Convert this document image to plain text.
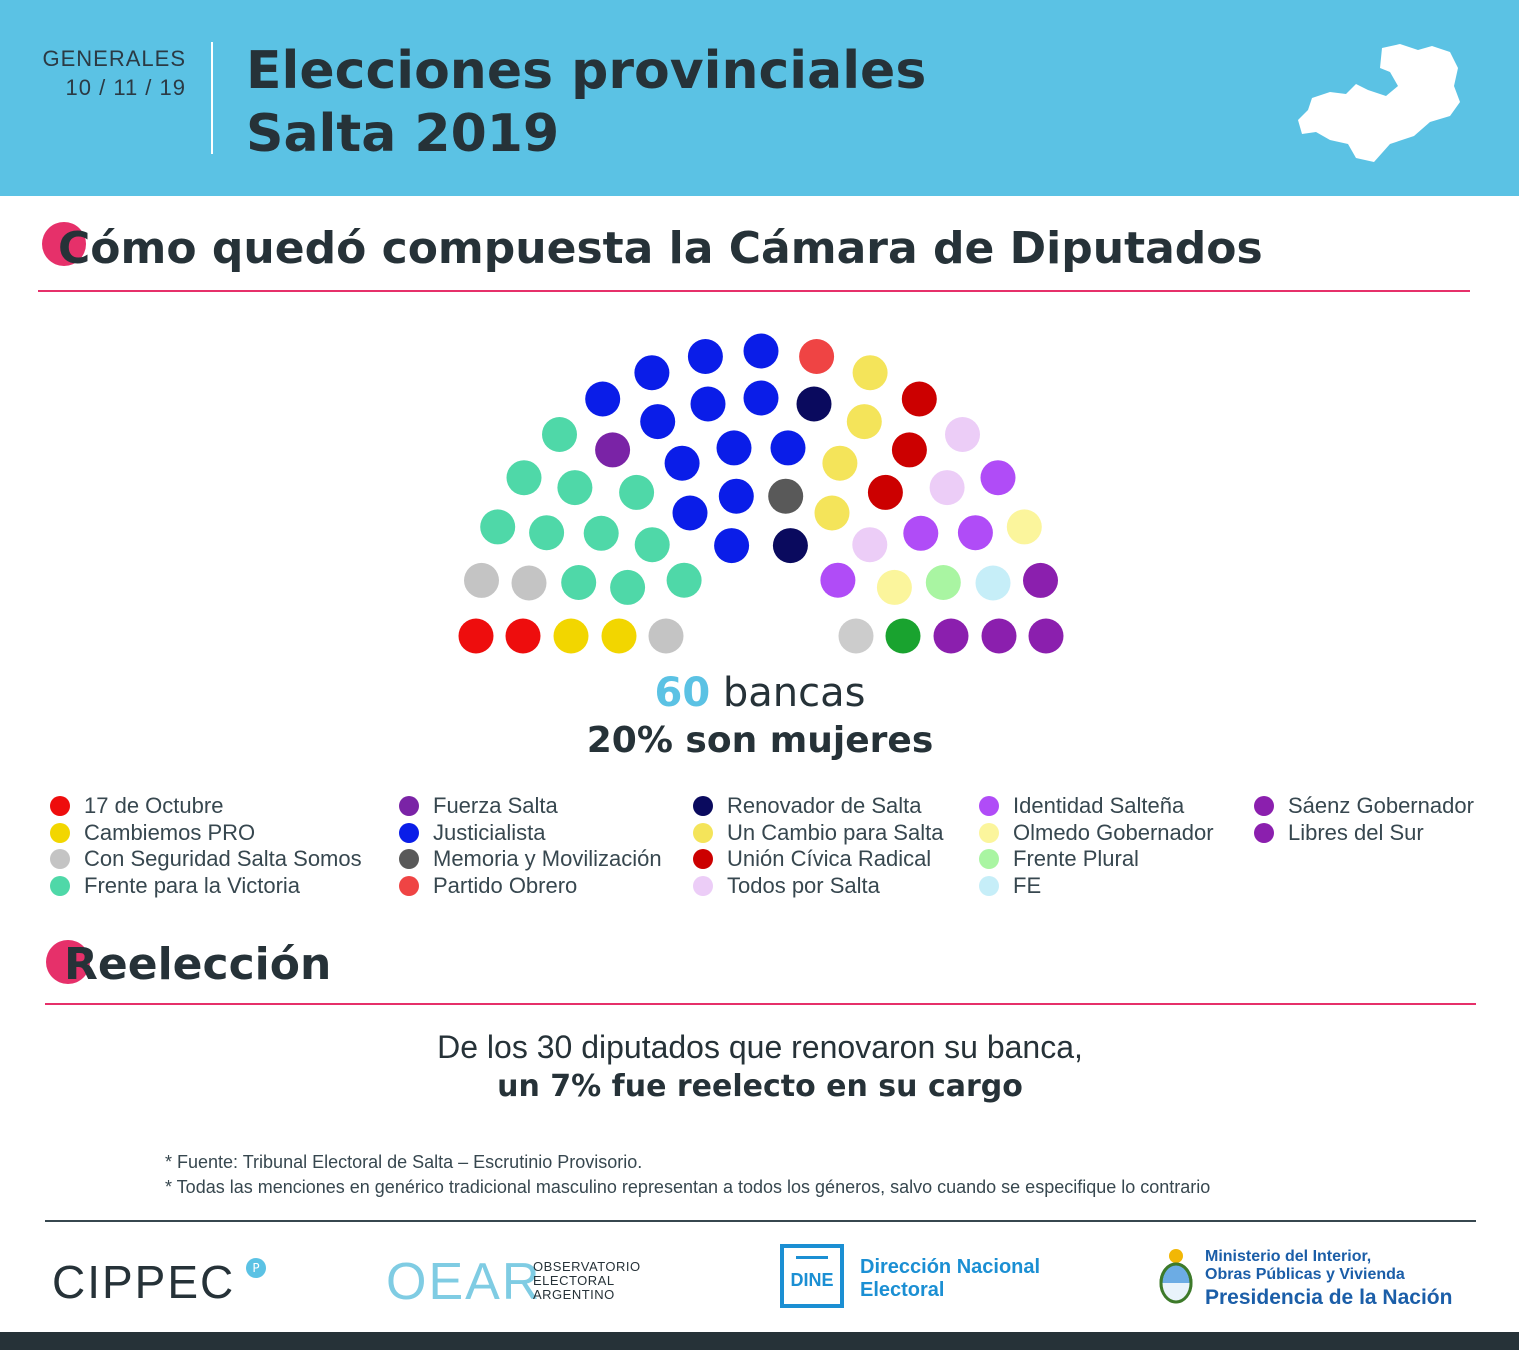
GENERALES
10 / 11 / 19 Elecciones provinciales
Salta 2019
Cómo quedó compuesta la Cámara de Diputados
60 bancas
20% son mujeres
17 de Octubre
Cambiemos PRO
Con Seguridad Salta Somos
Frente para la Victoria
Fuerza Salta
Justicialista
Memoria y Movilización
Partido Obrero
Renovador de Salta
Un Cambio para Salta
Unión Cívica Radical
Todos por Salta
Identidad Salteña
Olmedo Gobernador
Frente Plural
FE
Sáenz Gobernador
Libres del Sur
Reelección
De los 30 diputados que renovaron su banca,
un 7% fue reelecto en su cargo
* Fuente: Tribunal Electoral de Salta – Escrutinio Provisorio.
* Todas las menciones en genérico tradicional masculino representan a todos los géneros, salvo cuando se especifique lo contrario
CIPPEC	P OEAR
OBSERVATORIO
ELECTORAL
ARGENTINO
DINE
Dirección Nacional
Electoral
Ministerio del Interior,
Obras Públicas y Vivienda
Presidencia de la Nación
